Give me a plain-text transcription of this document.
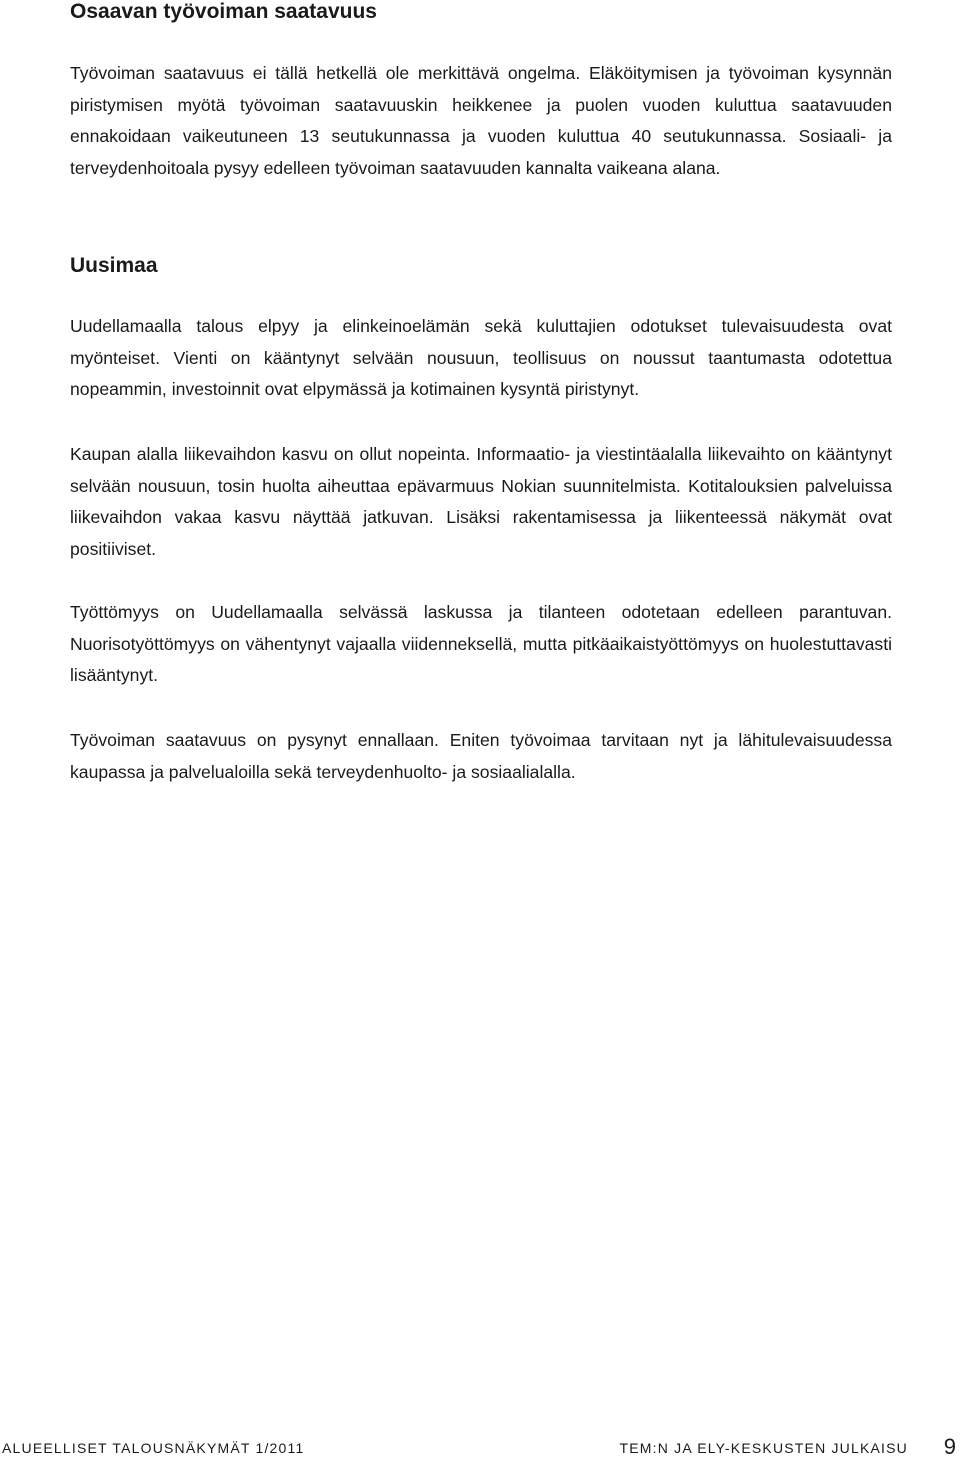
Osaavan työvoiman saatavuus

Työvoiman saatavuus ei tällä hetkellä ole merkittävä ongelma. Eläköitymisen ja työvoiman kysynnän piristymisen myötä työvoiman saatavuuskin heikkenee ja puolen vuoden kuluttua saatavuuden ennakoidaan vaikeutuneen 13 seutukunnassa ja vuoden kuluttua 40 seutukunnassa. Sosiaali- ja terveydenhoitoala pysyy edelleen työvoiman saatavuuden kannalta vaikeana alana.

Uusimaa

Uudellamaalla talous elpyy ja elinkeinoelämän sekä kuluttajien odotukset tulevaisuudesta ovat myönteiset. Vienti on kääntynyt selvään nousuun, teollisuus on noussut taantumasta odotettua nopeammin, investoinnit ovat elpymässä ja kotimainen kysyntä piristynyt.

Kaupan alalla liikevaihdon kasvu on ollut nopeinta. Informaatio- ja viestintäalalla liikevaihto on kääntynyt selvään nousuun, tosin huolta aiheuttaa epävarmuus Nokian suunnitelmista. Kotitalouksien palveluissa liikevaihdon vakaa kasvu näyttää jatkuvan. Lisäksi rakentamisessa ja liikenteessä näkymät ovat positiiviset.

Työttömyys on Uudellamaalla selvässä laskussa ja tilanteen odotetaan edelleen parantuvan. Nuorisotyöttömyys on vähentynyt vajaalla viidenneksellä, mutta pitkäaikaistyöttömyys on huolestuttavasti lisääntynyt.

Työvoiman saatavuus on pysynyt ennallaan. Eniten työvoimaa tarvitaan nyt ja lähitulevaisuudessa kaupassa ja palvelualoilla sekä terveydenhuolto- ja sosiaalialalla.

ALUEELLISET TALOUSNÄKYMÄT 1/2011	TEM:N JA ELY-KESKUSTEN JULKAISU 9
